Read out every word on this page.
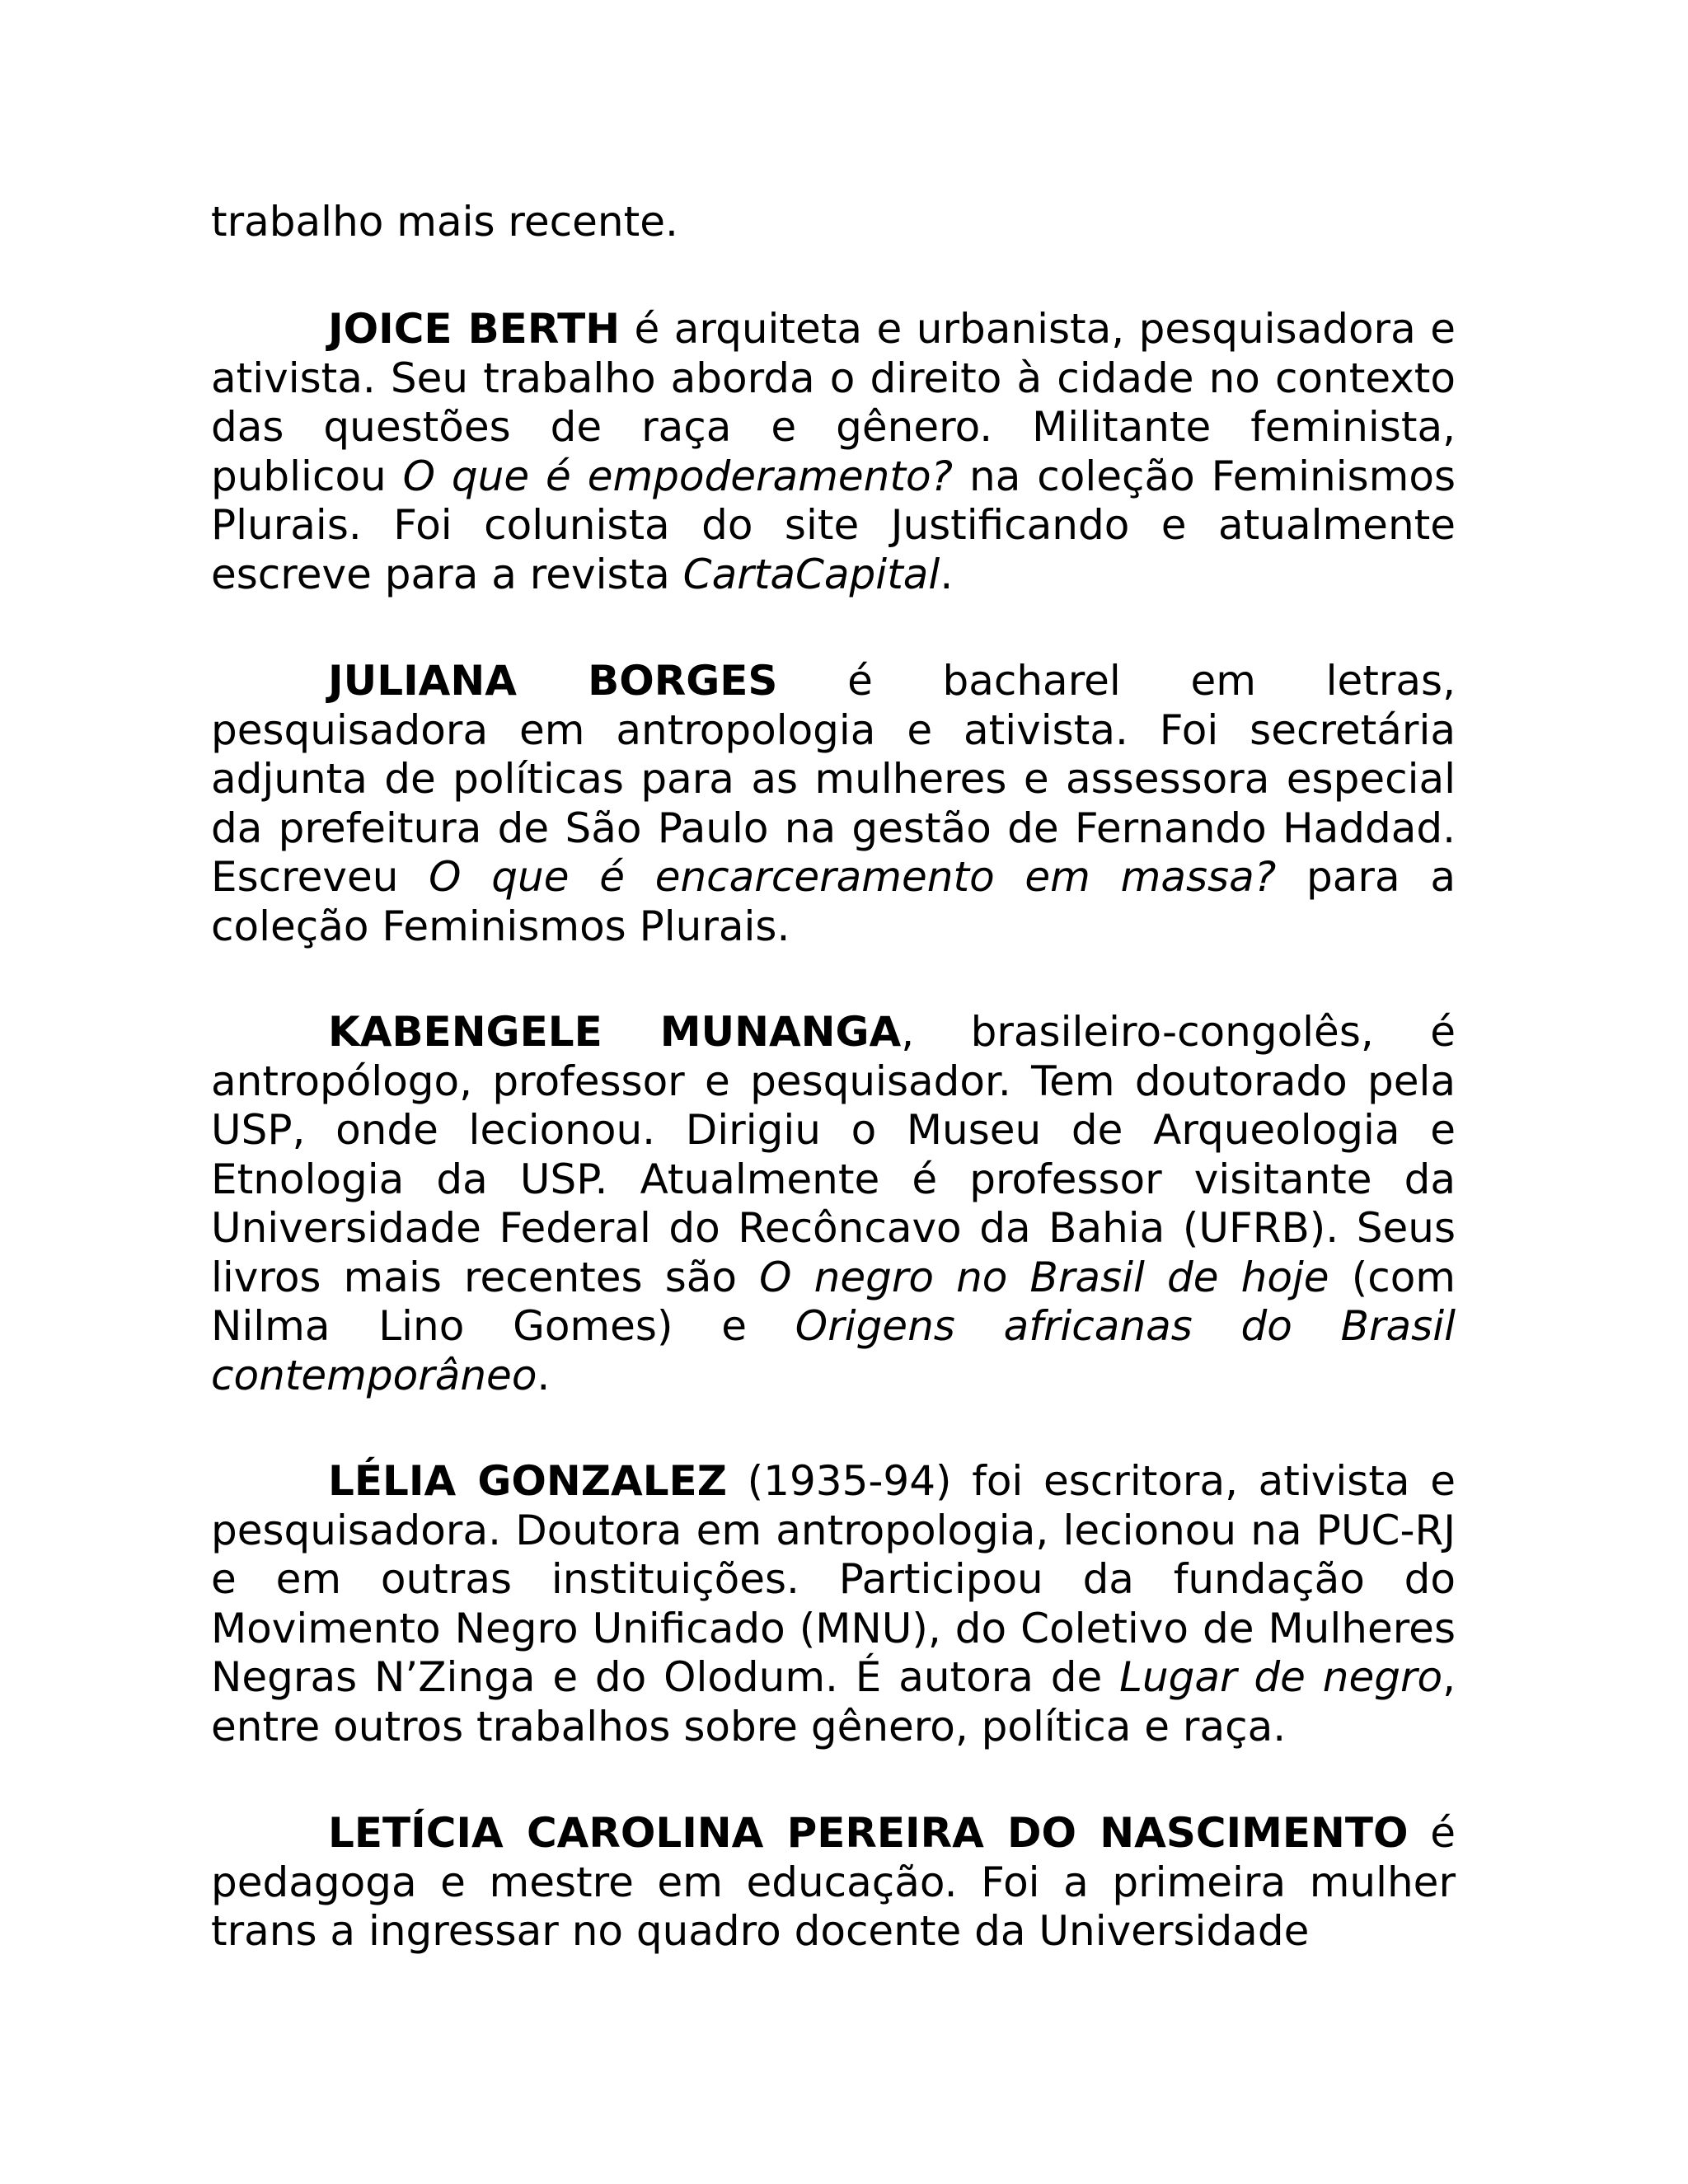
trabalho mais recente.

JOICE BERTH é arquiteta e urbanista, pesquisadora e ativista. Seu trabalho aborda o direito à cidade no contexto das questões de raça e gênero. Militante feminista, publicou O que é empoderamento? na coleção Feminismos Plurais. Foi colunista do site Justificando e atualmente escreve para a revista CartaCapital.

JULIANA BORGES é bacharel em letras, pesquisadora em antropologia e ativista. Foi secretária adjunta de políticas para as mulheres e assessora especial da prefeitura de São Paulo na gestão de Fernando Haddad. Escreveu O que é encarceramento em massa? para a coleção Feminismos Plurais.

KABENGELE MUNANGA, brasileiro-congolês, é antropólogo, professor e pesquisador. Tem doutorado pela USP, onde lecionou. Dirigiu o Museu de Arqueologia e Etnologia da USP. Atualmente é professor visitante da Universidade Federal do Recôncavo da Bahia (UFRB). Seus livros mais recentes são O negro no Brasil de hoje (com Nilma Lino Gomes) e Origens africanas do Brasil contemporâneo.

LÉLIA GONZALEZ (1935-94) foi escritora, ativista e pesquisadora. Doutora em antropologia, lecionou na PUC-RJ e em outras instituições. Participou da fundação do Movimento Negro Unificado (MNU), do Coletivo de Mulheres Negras N’Zinga e do Olodum. É autora de Lugar de negro, entre outros trabalhos sobre gênero, política e raça.

LETÍCIA CAROLINA PEREIRA DO NASCIMENTO é pedagoga e mestre em educação. Foi a primeira mulher trans a ingressar no quadro docente da Universidade
